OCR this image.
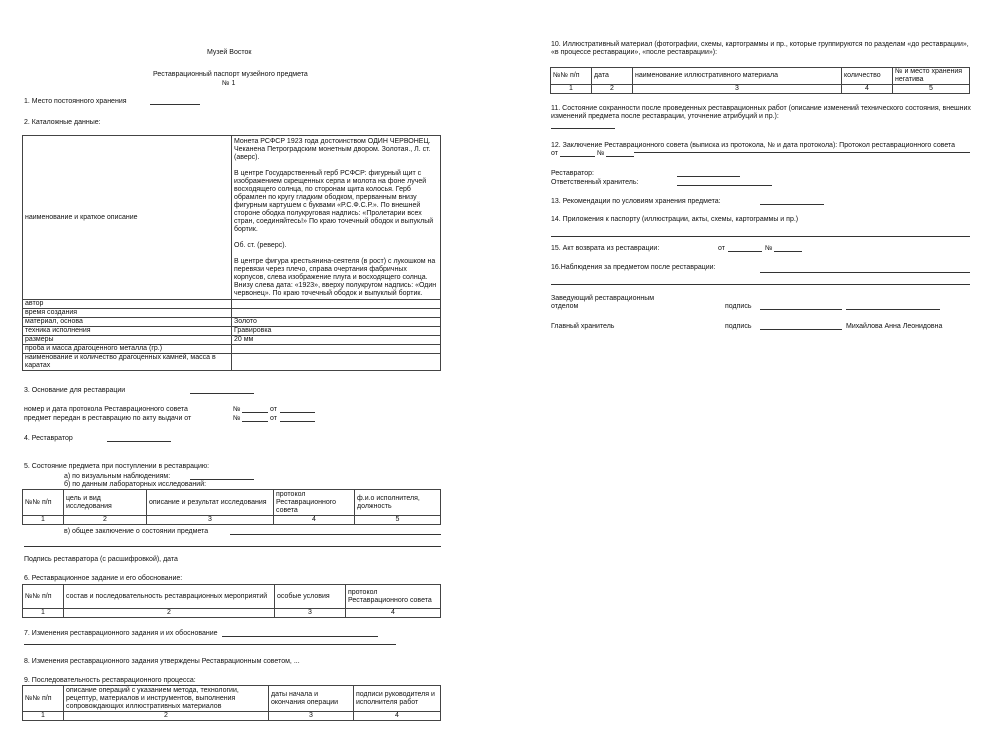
Музей Восток
Реставрационный паспорт музейного предмета
№ 1
1. Место постоянного хранения
2. Каталожные данные:
наименование и краткое описание	Монета РСФСР 1923 года достоинством ОДИН ЧЕРВОНЕЦ. Чеканена Петроградским монетным двором. Золотая., Л. ст. (аверс).

В центре Государственный герб РСФСР: фигурный щит с изображением скрещенных серпа и молота на фоне лучей восходящего солнца, по сторонам щита колосья. Герб обрамлен по кругу гладким ободком, прерванным внизу фигурным картушем с буквами «Р.С.Ф.С.Р.». По внешней стороне ободка полукруговая надпись: «Пролетарии всех стран, соединяйтесь!» По краю точечный ободок и выпуклый бортик.

Об. ст. (реверс).

В центре фигура крестьянина-сеятеля (в рост) с лукошком на перевязи через плечо, справа очертания фабричных корпусов, слева изображение плуга и восходящего солнца. Внизу слева дата: «1923», вверху полукругом надпись: «Один червонец». По краю точечный ободок и выпуклый бортик.

автор	
время создания	
материал, основа	Золото
техника исполнения	Гравировка
размеры	20 мм
проба и масса драгоценного металла (гр.)	
наименование и количество драгоценных камней, масса в каратах	
3. Основание для реставрации
номер и дата протокола Реставрационного совета	№	от
предмет передан в реставрацию по акту выдачи от	№	от
4. Реставратор
5. Состояние предмета при поступлении в реставрацию:
а) по визуальным наблюдениям:
б) по данным лабораторных исследований:
№№ п/п	цель и вид исследования	описание и результат исследования	протокол Реставрационного совета	ф.и.о исполнителя, должность
1	2	3	4	5
в) общее заключение о состоянии предмета
Подпись реставратора (с расшифровкой), дата
6. Реставрационное задание и его обоснование:
№№ п/п	состав и последовательность реставрационных мероприятий	особые условия	протокол Реставрационного совета
1	2	3	4
7. Изменения реставрационного задания и их обоснование
8. Изменения реставрационного задания утверждены Реставрационным советом, ...
9. Последовательность реставрационного процесса:
№№ п/п	описание операций с указанием метода, технологии, рецептур, материалов и инструментов, выполнения сопровождающих иллюстративных материалов	даты начала и окончания операции	подписи руководителя и исполнителя работ
1	2	3	4
10. Иллюстративный материал (фотографии, схемы, картограммы и пр., которые группируются по разделам «до реставрации», «в процессе реставрации», «после реставрации»):
№№ п/п	дата	наименование иллюстративного материала	количество	№ и место хранения негатива
1	2	3	4	5
11. Состояние сохранности после проведенных реставрационных работ (описание изменений технического состояния, внешних изменений предмета после реставрации, уточнение атрибуций и пр.):
12. Заключение Реставрационного совета (выписка из протокола, № и дата протокола): Протокол реставрационного совета
от	№
Реставратор:
Ответственный хранитель:
13. Рекомендации по условиям хранения предмета:
14. Приложения к паспорту (иллюстрации, акты, схемы, картограммы и пр.)
15. Акт возврата из реставрации:	от	№
16.Наблюдения за предметом после реставрации:
Заведующий реставрационным
отделом	подпись
Главный хранитель	подпись	Михайлова Анна Леонидовна
